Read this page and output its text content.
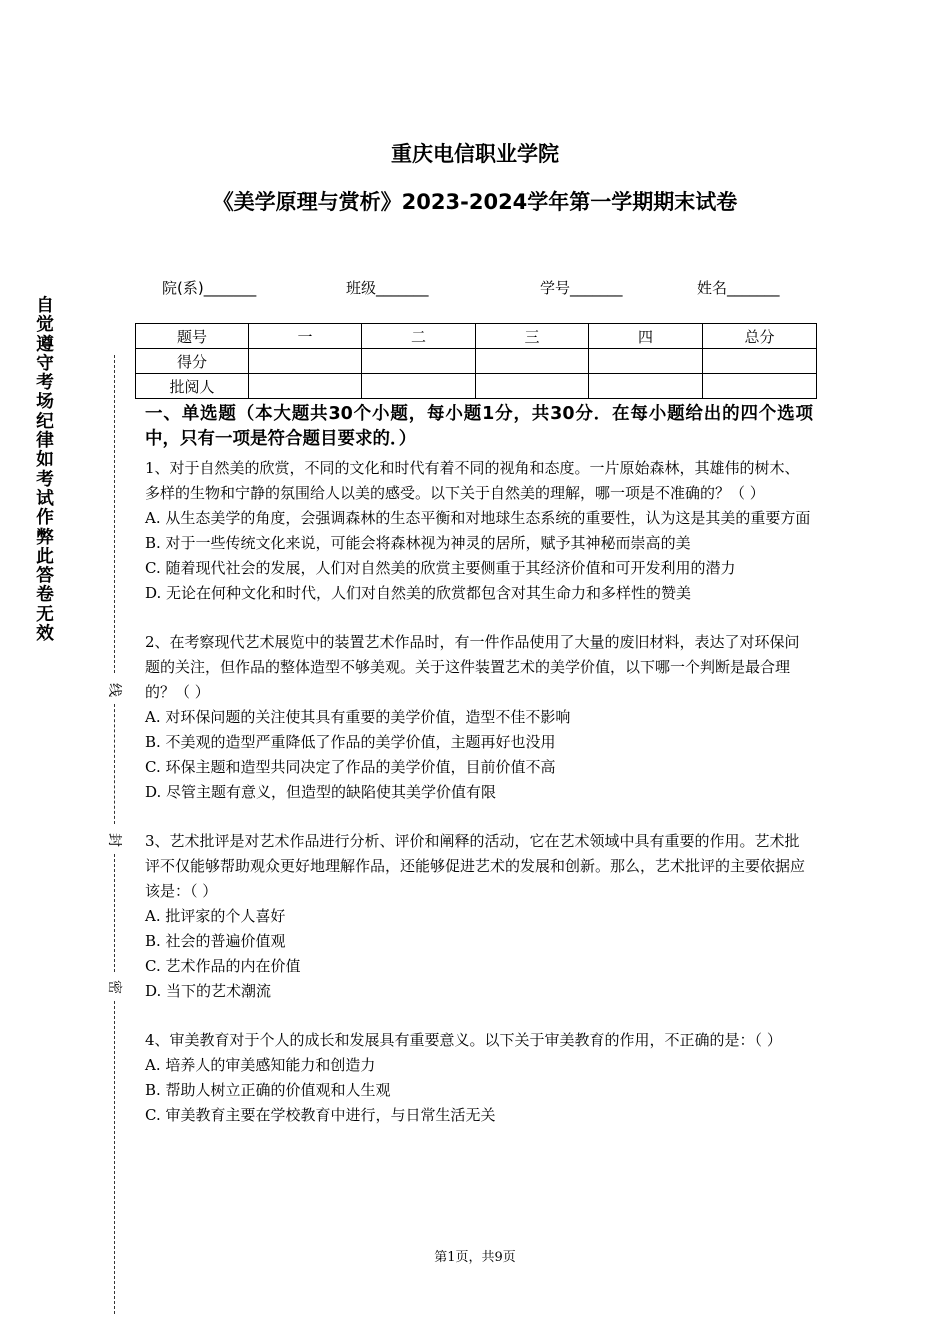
重庆电信职业学院
《美学原理与赏析》2023-2024学年第一学期期末试卷
院(系)_______	班级_______	学号_______	姓名_______
题号	一	二	三	四	总分
得分					
批阅人					
自觉遵守考场纪律如考试作弊此答卷无效
线
封
密

一、单选题（本大题共30个小题，每小题1分，共30分．在每小题给出的四个选项中，只有一项是符合题目要求的．）

1、对于自然美的欣赏，不同的文化和时代有着不同的视角和态度。一片原始森林，其雄伟的树木、多样的生物和宁静的氛围给人以美的感受。以下关于自然美的理解，哪一项是不准确的？（ ）

A. 从生态美学的角度，会强调森林的生态平衡和对地球生态系统的重要性，认为这是其美的重要方面

B. 对于一些传统文化来说，可能会将森林视为神灵的居所，赋予其神秘而崇高的美

C. 随着现代社会的发展，人们对自然美的欣赏主要侧重于其经济价值和可开发利用的潜力

D. 无论在何种文化和时代，人们对自然美的欣赏都包含对其生命力和多样性的赞美

2、在考察现代艺术展览中的装置艺术作品时，有一件作品使用了大量的废旧材料，表达了对环保问题的关注，但作品的整体造型不够美观。关于这件装置艺术的美学价值，以下哪一个判断是最合理的？（ ）

A. 对环保问题的关注使其具有重要的美学价值，造型不佳不影响

B. 不美观的造型严重降低了作品的美学价值，主题再好也没用

C. 环保主题和造型共同决定了作品的美学价值，目前价值不高

D. 尽管主题有意义，但造型的缺陷使其美学价值有限

3、艺术批评是对艺术作品进行分析、评价和阐释的活动，它在艺术领域中具有重要的作用。艺术批评不仅能够帮助观众更好地理解作品，还能够促进艺术的发展和创新。那么，艺术批评的主要依据应该是：（ ）

A. 批评家的个人喜好

B. 社会的普遍价值观

C. 艺术作品的内在价值

D. 当下的艺术潮流

4、审美教育对于个人的成长和发展具有重要意义。以下关于审美教育的作用，不正确的是：（ ）

A. 培养人的审美感知能力和创造力

B. 帮助人树立正确的价值观和人生观

C. 审美教育主要在学校教育中进行，与日常生活无关

第1页，共9页
